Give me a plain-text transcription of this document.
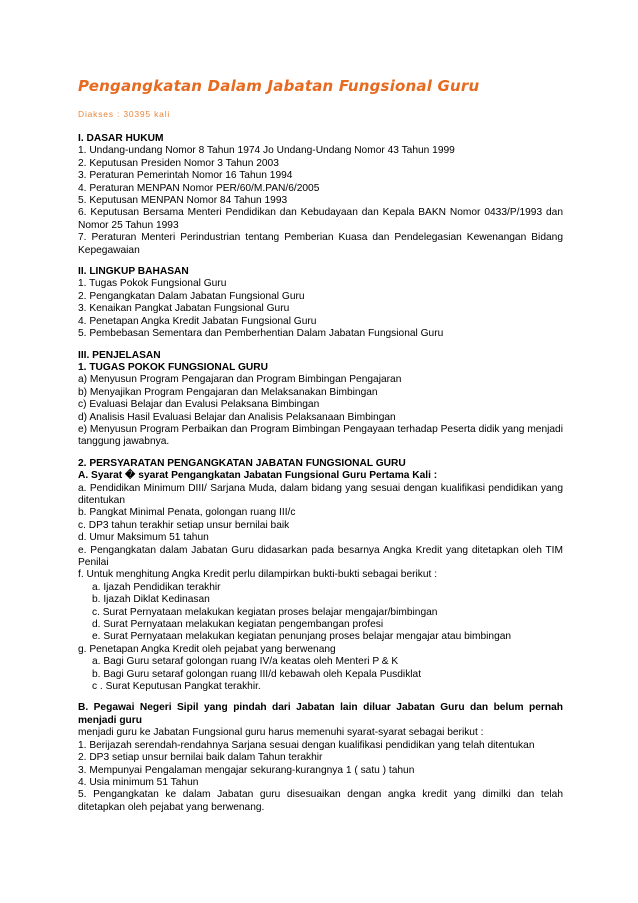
Pengangkatan Dalam Jabatan Fungsional Guru
Diakses : 30395 kali

I. DASAR HUKUM

1. Undang-undang Nomor 8 Tahun 1974 Jo Undang-Undang Nomor 43 Tahun 1999

2. Keputusan Presiden Nomor 3 Tahun 2003

3. Peraturan Pemerintah Nomor 16 Tahun 1994

4. Peraturan MENPAN Nomor PER/60/M.PAN/6/2005

5. Keputusan MENPAN Nomor 84 Tahun 1993

6. Keputusan Bersama Menteri Pendidikan dan Kebudayaan dan Kepala BAKN Nomor 0433/P/1993 dan Nomor 25 Tahun 1993

7. Peraturan Menteri Perindustrian tentang Pemberian Kuasa dan Pendelegasian Kewenangan Bidang Kepegawaian

II. LINGKUP BAHASAN

1. Tugas Pokok Fungsional Guru

2. Pengangkatan Dalam Jabatan Fungsional Guru

3. Kenaikan Pangkat Jabatan Fungsional Guru

4. Penetapan Angka Kredit Jabatan Fungsional Guru

5. Pembebasan Sementara dan Pemberhentian Dalam Jabatan Fungsional Guru

III. PENJELASAN

1. TUGAS POKOK FUNGSIONAL GURU

a) Menyusun Program Pengajaran dan Program Bimbingan Pengajaran

b) Menyajikan Program Pengajaran dan Melaksanakan Bimbingan

c) Evaluasi Belajar dan Evalusi Pelaksana Bimbingan

d) Analisis Hasil Evaluasi Belajar dan Analisis Pelaksanaan Bimbingan

e) Menyusun Program Perbaikan dan Program Bimbingan Pengayaan terhadap Peserta didik yang menjadi tanggung jawabnya.

2. PERSYARATAN PENGANGKATAN JABATAN FUNGSIONAL GURU

A. Syarat � syarat Pengangkatan Jabatan Fungsional Guru Pertama Kali :

a. Pendidikan Minimum DIII/ Sarjana Muda, dalam bidang yang sesuai dengan kualifikasi pendidikan yang ditentukan

b. Pangkat Minimal Penata, golongan ruang III/c

c. DP3 tahun terakhir setiap unsur bernilai baik

d. Umur Maksimum 51 tahun

e. Pengangkatan dalam Jabatan Guru didasarkan pada besarnya Angka Kredit yang ditetapkan oleh TIM Penilai

f. Untuk menghitung Angka Kredit perlu dilampirkan bukti-bukti sebagai berikut :

a. Ijazah Pendidikan terakhir

b. Ijazah Diklat Kedinasan

c. Surat Pernyataan melakukan kegiatan proses belajar mengajar/bimbingan

d. Surat Pernyataan melakukan kegiatan pengembangan profesi

e. Surat Pernyataan melakukan kegiatan penunjang proses belajar mengajar atau bimbingan

g. Penetapan Angka Kredit oleh pejabat yang berwenang

a. Bagi Guru setaraf golongan ruang IV/a keatas oleh Menteri P & K

b. Bagi Guru setaraf golongan ruang III/d kebawah oleh Kepala Pusdiklat

c . Surat Keputusan Pangkat terakhir.

B. Pegawai Negeri Sipil yang pindah dari Jabatan lain diluar Jabatan Guru dan belum pernah menjadi guru

menjadi guru ke Jabatan Fungsional guru harus memenuhi syarat-syarat sebagai berikut :

1. Berijazah serendah-rendahnya Sarjana sesuai dengan kualifikasi pendidikan yang telah ditentukan

2. DP3 setiap unsur bernilai baik dalam Tahun terakhir

3. Mempunyai Pengalaman mengajar sekurang-kurangnya 1 ( satu ) tahun

4. Usia minimum 51 Tahun

5. Pengangkatan ke dalam Jabatan guru disesuaikan dengan angka kredit yang dimilki dan telah ditetapkan oleh pejabat yang berwenang.
